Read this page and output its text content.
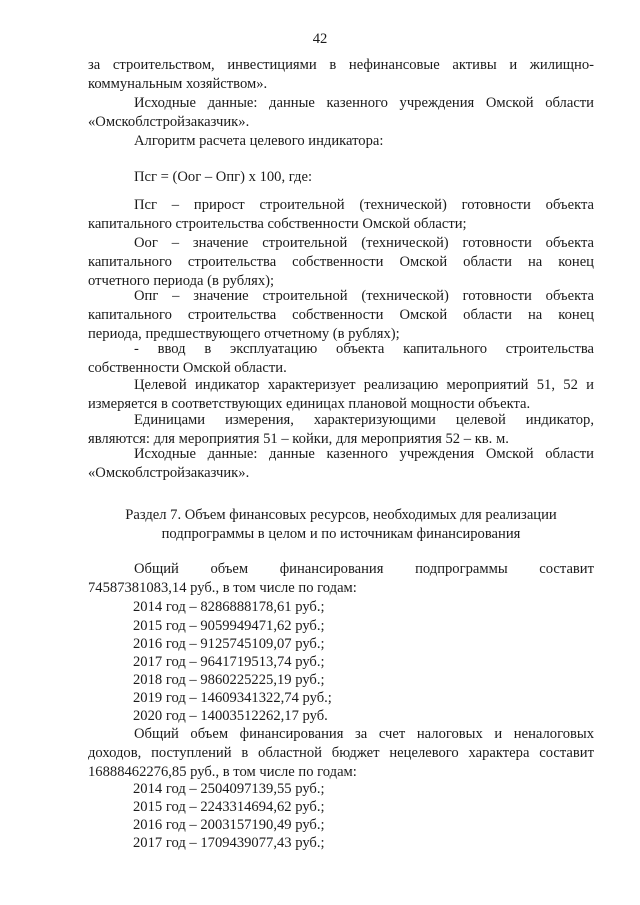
42
за строительством, инвестициями в нефинансовые активы и жилищно-
коммунальным хозяйством».
Исходные данные: данные казенного учреждения Омской области
«Омскоблстройзаказчик».
Алгоритм расчета целевого индикатора:
Псг = (Оог – Опг) х 100, где:
Псг – прирост строительной (технической) готовности объекта
капитального строительства собственности Омской области;
Оог – значение строительной (технической) готовности объекта
капитального строительства собственности Омской области на конец
отчетного периода (в рублях);
Опг – значение строительной (технической) готовности объекта
капитального строительства собственности Омской области на конец
периода, предшествующего отчетному (в рублях);
- ввод в эксплуатацию объекта капитального строительства
собственности Омской области.
Целевой индикатор характеризует реализацию мероприятий 51, 52 и
измеряется в соответствующих единицах плановой мощности объекта.
Единицами измерения, характеризующими целевой индикатор,
являются: для мероприятия 51 – койки, для мероприятия 52 – кв. м.
Исходные данные: данные казенного учреждения Омской области
«Омскоблстройзаказчик».
Раздел 7. Объем финансовых ресурсов, необходимых для реализации
подпрограммы в целом и по источникам финансирования
Общий объем финансирования подпрограммы составит
74587381083,14 руб., в том числе по годам:
2014 год – 8286888178,61 руб.;
2015 год – 9059949471,62 руб.;
2016 год – 9125745109,07 руб.;
2017 год – 9641719513,74 руб.;
2018 год – 9860225225,19 руб.;
2019 год – 14609341322,74 руб.;
2020 год – 14003512262,17 руб.
Общий объем финансирования за счет налоговых и неналоговых
доходов, поступлений в областной бюджет нецелевого характера составит
16888462276,85 руб., в том числе по годам:
2014 год – 2504097139,55 руб.;
2015 год – 2243314694,62 руб.;
2016 год – 2003157190,49 руб.;
2017 год – 1709439077,43 руб.;
